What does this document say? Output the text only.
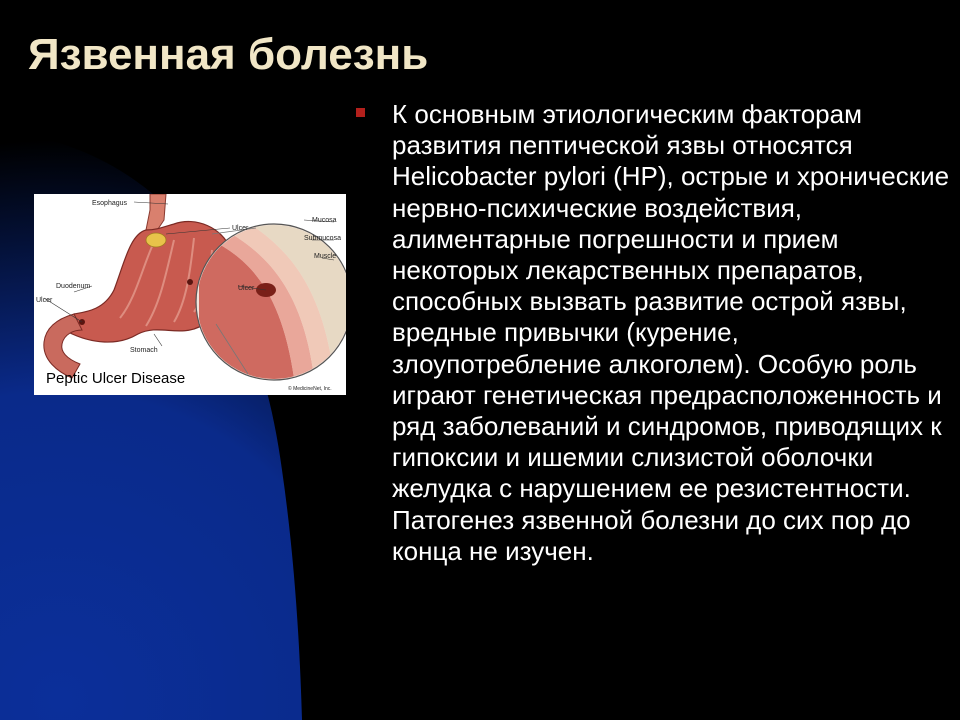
Язвенная болезнь
К основным этиологическим факторам развития пептической язвы относятся Helicobacter pylori (HP), острые и хронические нервно-психические воздействия, алиментарные погрешности и прием некоторых лекарственных препаратов, способных вызвать развитие острой язвы, вредные привычки (курение, злоупотребление алкоголем). Особую роль играют генетическая предрасположенность и ряд заболеваний и синдромов, приводящих к гипоксии и ишемии слизистой оболочки желудка с нарушением ее резистентности. Патогенез язвенной болезни до сих пор до конца не изучен.
Esophagus
Ulcer
Duodenum
Ulcer
Stomach
Ulcer
Mucosa
Submucosa
Muscle
© MedicineNet, Inc.
Peptic Ulcer Disease
